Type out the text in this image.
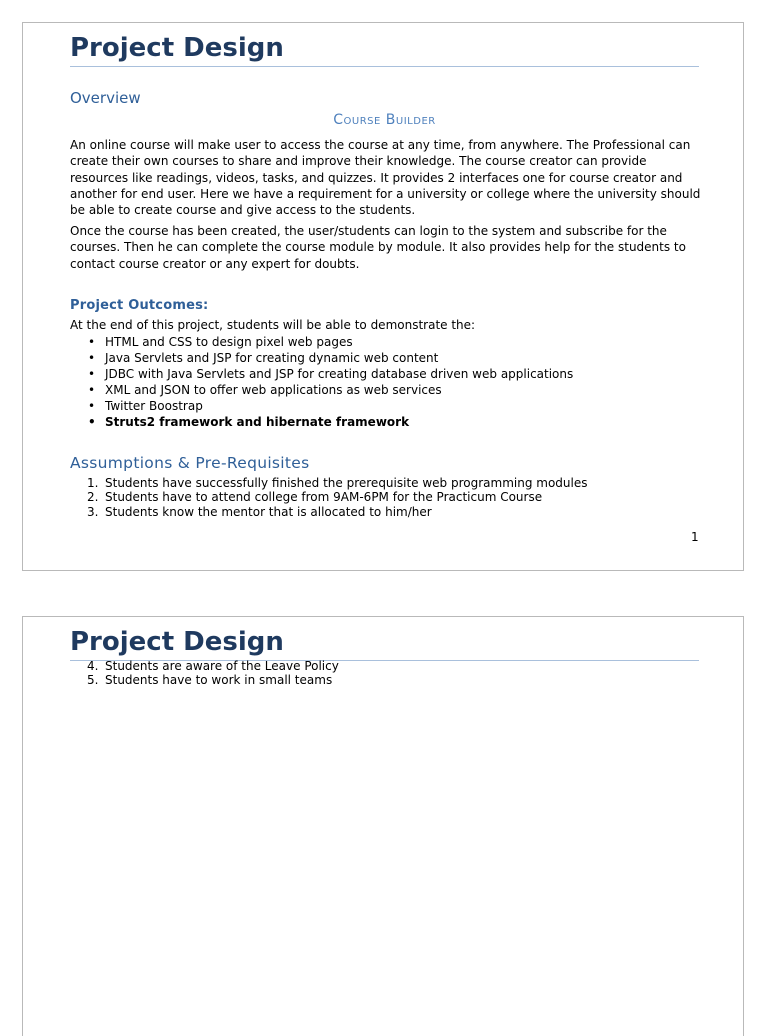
Project Design
Overview
Course Builder

An online course will make user to access the course at any time, from anywhere. The Professional can create their own courses to share and improve their knowledge. The course creator can provide resources like readings, videos, tasks, and quizzes. It provides 2 interfaces one for course creator and another for end user. Here we have a requirement for a university or college where the university should be able to create course and give access to the students.

Once the course has been created, the user/students can login to the system and subscribe for the courses. Then he can complete the course module by module. It also provides help for the students to contact course creator or any expert for doubts.

Project Outcomes:

At the end of this project, students will be able to demonstrate the:

• HTML and CSS to design pixel web pages
• Java Servlets and JSP for creating dynamic web content
• JDBC with Java Servlets and JSP for creating database driven web applications
• XML and JSON to offer web applications as web services
• Twitter Boostrap
• Struts2 framework and hibernate framework
Assumptions & Pre-Requisites
1. Students have successfully finished the prerequisite web programming modules
2. Students have to attend college from 9AM-6PM for the Practicum Course
3. Students know the mentor that is allocated to him/her
1
Project Design
4. Students are aware of the Leave Policy
5. Students have to work in small teams
